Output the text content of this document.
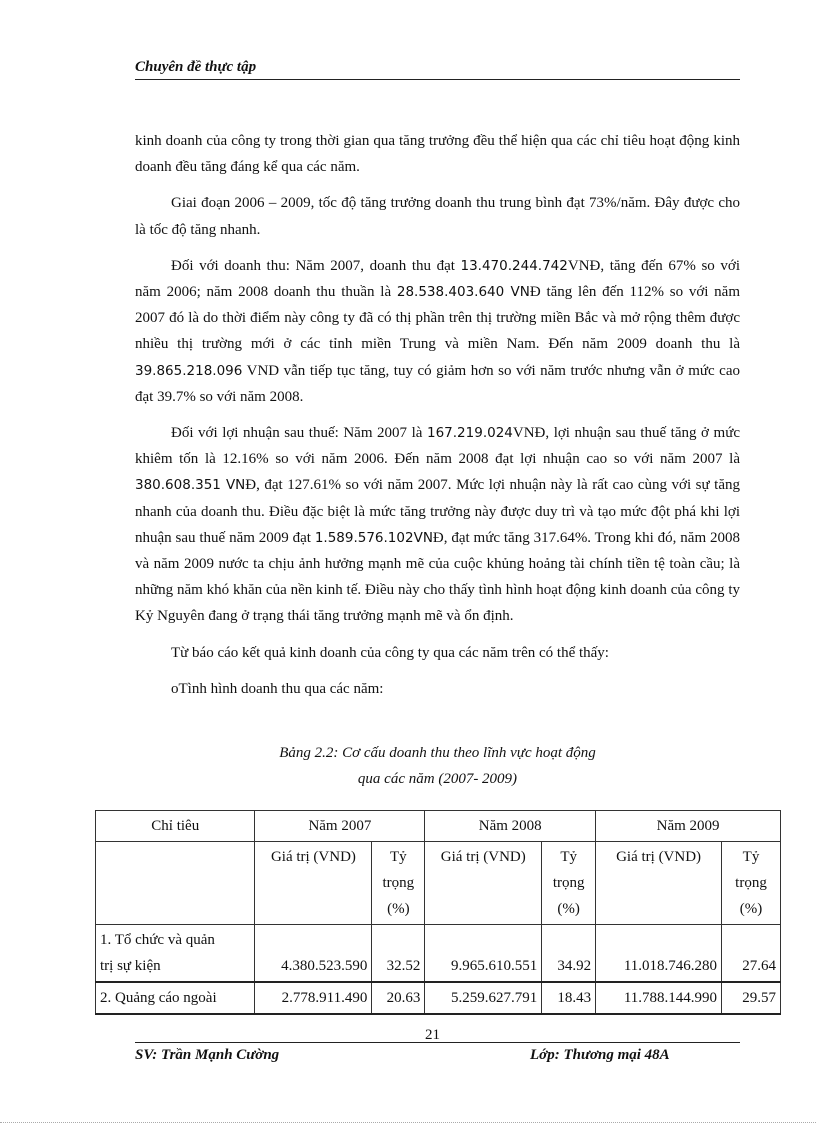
Chuyên đề thực tập

kinh doanh của công ty trong thời gian qua tăng trưởng đều thể hiện qua các chỉ tiêu hoạt động kinh doanh đều tăng đáng kể qua các năm.

Giai đoạn 2006 – 2009, tốc độ tăng trưởng doanh thu trung bình đạt 73%/năm. Đây được cho là tốc độ tăng nhanh.

Đối với doanh thu: Năm 2007, doanh thu đạt 13.470.244.742VNĐ, tăng đến 67% so với năm 2006; năm 2008 doanh thu thuần là 28.538.403.640 VNĐ tăng lên đến 112% so với năm 2007 đó là do thời điểm này công ty đã có thị phần trên thị trường miền Bắc và mở rộng thêm được nhiều thị trường mới ở các tỉnh miền Trung và miền Nam. Đến năm 2009 doanh thu là 39.865.218.096 VND vẫn tiếp tục tăng, tuy có giảm hơn so với năm trước nhưng vẫn ở mức cao đạt 39.7% so với năm 2008.

Đối với lợi nhuận sau thuế: Năm 2007 là 167.219.024VNĐ, lợi nhuận sau thuế tăng ở mức khiêm tốn là 12.16% so với năm 2006. Đến năm 2008 đạt lợi nhuận cao so với năm 2007 là 380.608.351 VNĐ, đạt 127.61% so với năm 2007. Mức lợi nhuận này là rất cao cùng với sự tăng nhanh của doanh thu. Điều đặc biệt là mức tăng trưởng này được duy trì và tạo mức đột phá khi lợi nhuận sau thuế năm 2009 đạt 1.589.576.102VNĐ, đạt mức tăng 317.64%. Trong khi đó, năm 2008 và năm 2009 nước ta chịu ảnh hưởng mạnh mẽ của cuộc khủng hoảng tài chính tiền tệ toàn cầu; là những năm khó khăn của nền kinh tế. Điều này cho thấy tình hình hoạt động kinh doanh của công ty Kỷ Nguyên đang ở trạng thái tăng trưởng mạnh mẽ và ổn định.

Từ báo cáo kết quả kinh doanh của công ty qua các năm trên có thể thấy:

oTình hình doanh thu qua các năm:

Bảng 2.2: Cơ cấu doanh thu theo lĩnh vực hoạt động
qua các năm (2007- 2009)
Chỉ tiêu	Năm 2007		Năm 2008		Năm 2009	
	Giá trị (VND)	Tỷ
trọng
(%)	Giá trị (VND)	Tỷ
trọng
(%)	Giá trị (VND)	Tỷ
trọng
(%)
1. Tổ chức và quản
trị sự kiện	4.380.523.590	32.52	9.965.610.551	34.92	11.018.746.280	27.64
2. Quảng cáo ngoài	2.778.911.490	20.63	5.259.627.791	18.43	11.788.144.990	29.57
SV: Trần Mạnh Cường
21
Lớp: Thương mại 48A
